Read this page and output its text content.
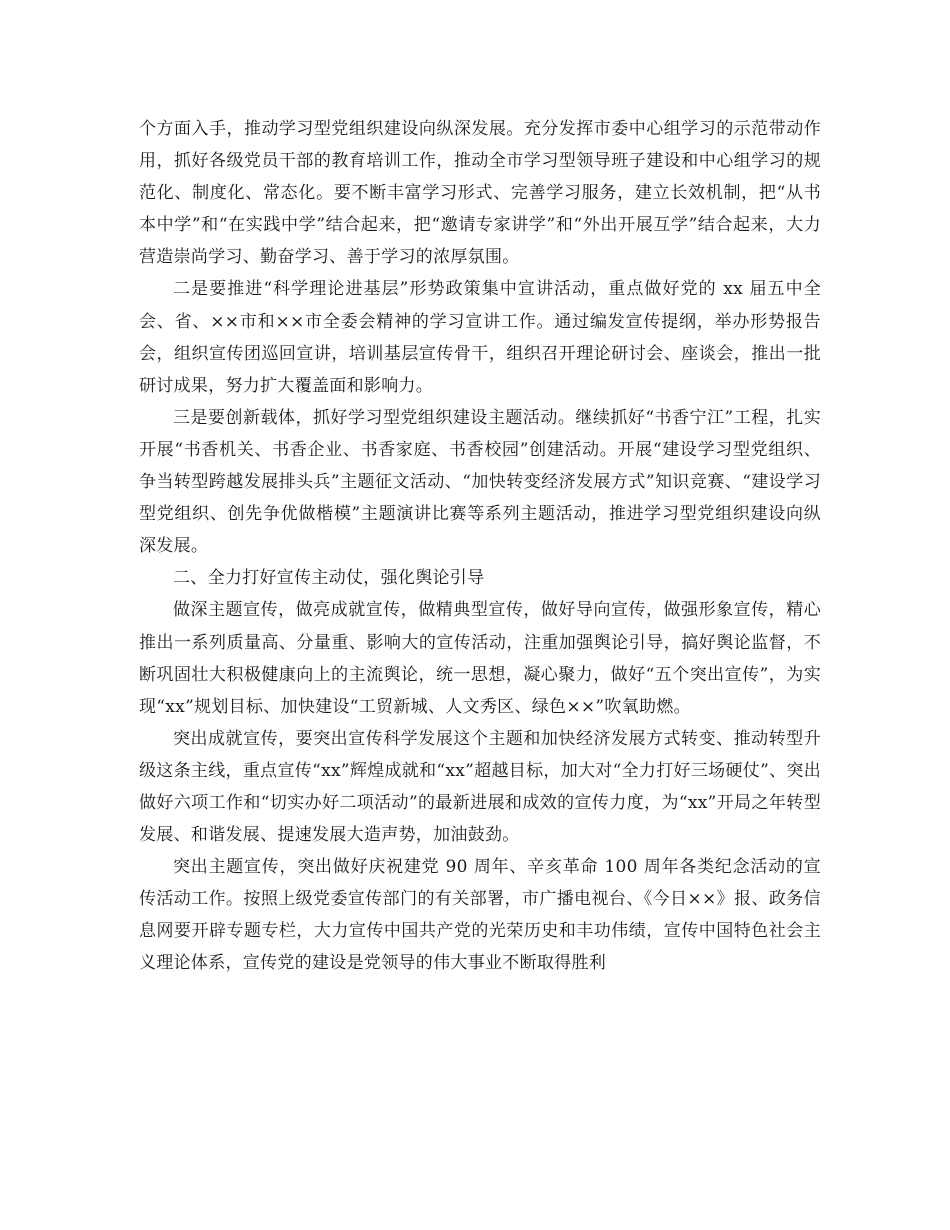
个方面入手，推动学习型党组织建设向纵深发展。充分发挥市委中心组学习的示范带动作用，抓好各级党员干部的教育培训工作，推动全市学习型领导班子建设和中心组学习的规范化、制度化、常态化。要不断丰富学习形式、完善学习服务，建立长效机制，把“从书本中学”和“在实践中学”结合起来，把“邀请专家讲学”和“外出开展互学”结合起来，大力营造崇尚学习、勤奋学习、善于学习的浓厚氛围。

二是要推进“科学理论进基层”形势政策集中宣讲活动，重点做好党的 xx 届五中全会、省、××市和××市全委会精神的学习宣讲工作。通过编发宣传提纲，举办形势报告会，组织宣传团巡回宣讲，培训基层宣传骨干，组织召开理论研讨会、座谈会，推出一批研讨成果，努力扩大覆盖面和影响力。

三是要创新载体，抓好学习型党组织建设主题活动。继续抓好“书香宁江”工程，扎实开展“书香机关、书香企业、书香家庭、书香校园”创建活动。开展“建设学习型党组织、争当转型跨越发展排头兵”主题征文活动、“加快转变经济发展方式”知识竞赛、“建设学习型党组织、创先争优做楷模”主题演讲比赛等系列主题活动，推进学习型党组织建设向纵深发展。

二、全力打好宣传主动仗，强化舆论引导

做深主题宣传，做亮成就宣传，做精典型宣传，做好导向宣传，做强形象宣传，精心推出一系列质量高、分量重、影响大的宣传活动，注重加强舆论引导，搞好舆论监督，不断巩固壮大积极健康向上的主流舆论，统一思想，凝心聚力，做好“五个突出宣传”，为实现“xx”规划目标、加快建设“工贸新城、人文秀区、绿色××”吹氧助燃。

突出成就宣传，要突出宣传科学发展这个主题和加快经济发展方式转变、推动转型升级这条主线，重点宣传“xx”辉煌成就和“xx”超越目标，加大对“全力打好三场硬仗”、突出做好六项工作和“切实办好二项活动”的最新进展和成效的宣传力度，为“xx”开局之年转型发展、和谐发展、提速发展大造声势，加油鼓劲。

突出主题宣传，突出做好庆祝建党 90 周年、辛亥革命 100 周年各类纪念活动的宣传活动工作。按照上级党委宣传部门的有关部署，市广播电视台、《今日××》报、政务信息网要开辟专题专栏，大力宣传中国共产党的光荣历史和丰功伟绩，宣传中国特色社会主义理论体系，宣传党的建设是党领导的伟大事业不断取得胜利
